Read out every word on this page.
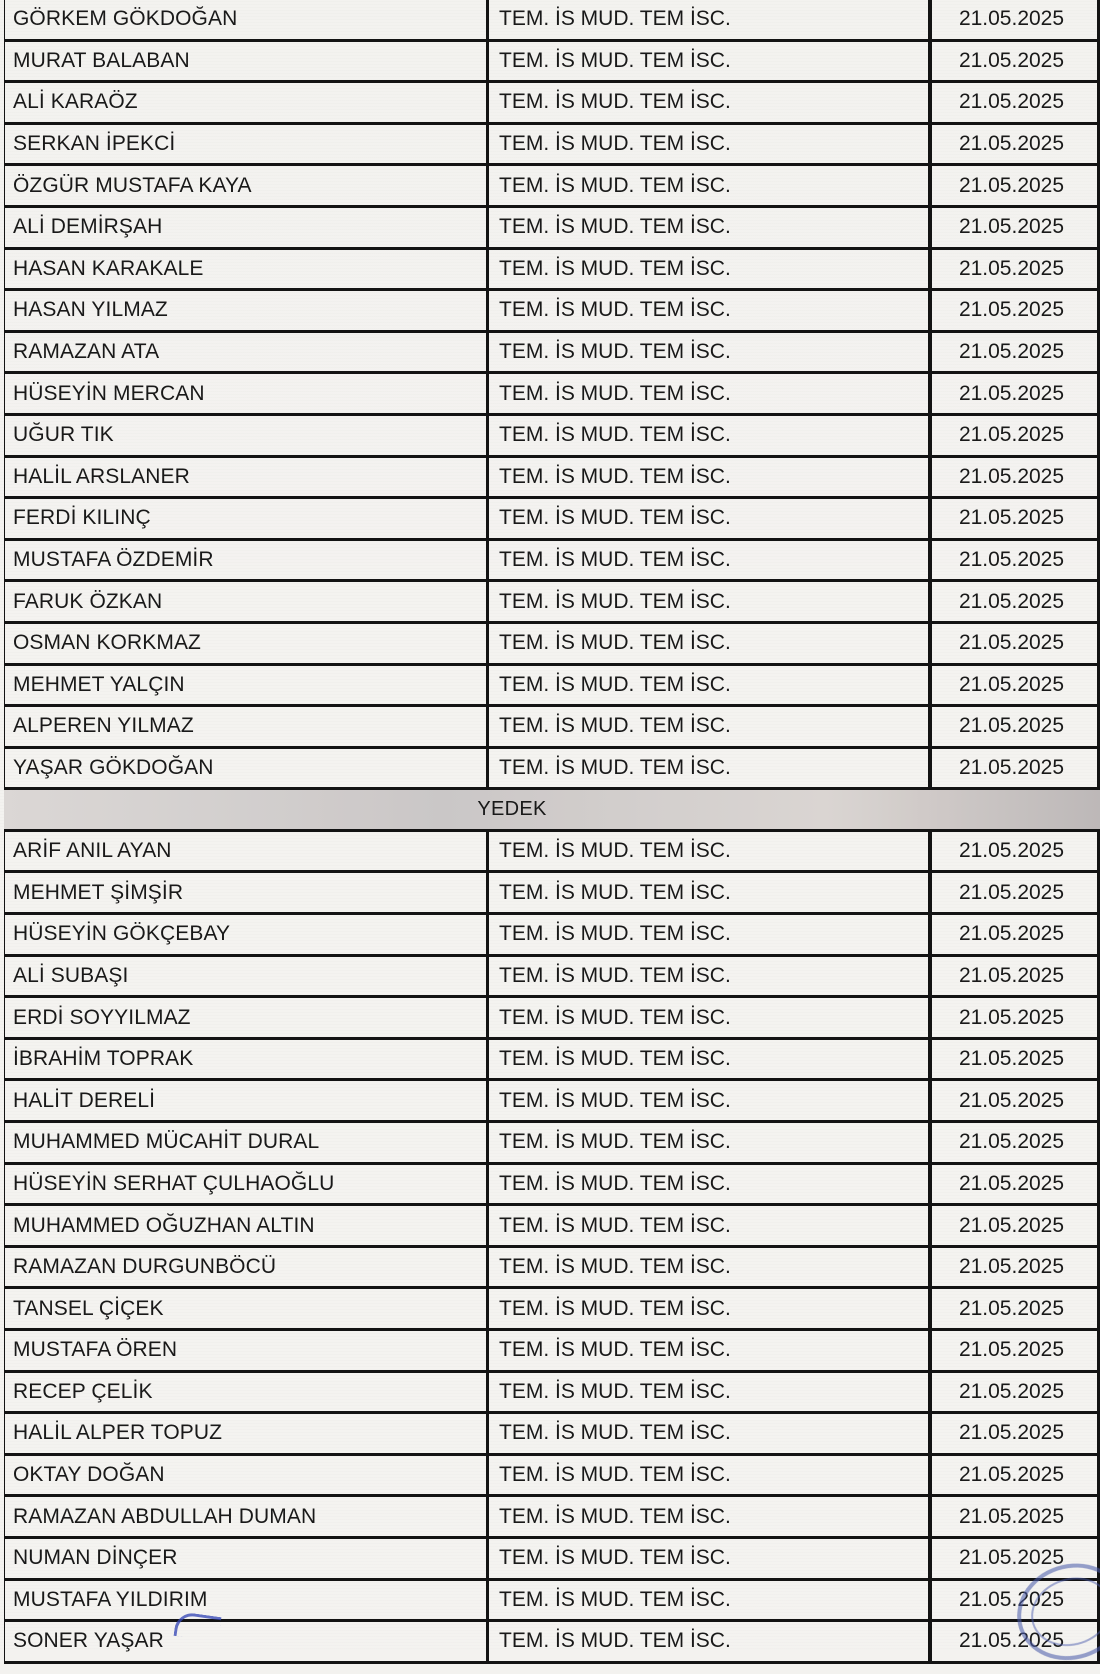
GÖRKEM GÖKDOĞAN	TEM. İS MUD. TEM İSC.	21.05.2025
MURAT BALABAN	TEM. İS MUD. TEM İSC.	21.05.2025
ALİ KARAÖZ	TEM. İS MUD. TEM İSC.	21.05.2025
SERKAN İPEKCİ	TEM. İS MUD. TEM İSC.	21.05.2025
ÖZGÜR MUSTAFA KAYA	TEM. İS MUD. TEM İSC.	21.05.2025
ALİ DEMİRŞAH	TEM. İS MUD. TEM İSC.	21.05.2025
HASAN KARAKALE	TEM. İS MUD. TEM İSC.	21.05.2025
HASAN YILMAZ	TEM. İS MUD. TEM İSC.	21.05.2025
RAMAZAN ATA	TEM. İS MUD. TEM İSC.	21.05.2025
HÜSEYİN MERCAN	TEM. İS MUD. TEM İSC.	21.05.2025
UĞUR TIK	TEM. İS MUD. TEM İSC.	21.05.2025
HALİL ARSLANER	TEM. İS MUD. TEM İSC.	21.05.2025
FERDİ KILINÇ	TEM. İS MUD. TEM İSC.	21.05.2025
MUSTAFA ÖZDEMİR	TEM. İS MUD. TEM İSC.	21.05.2025
FARUK ÖZKAN	TEM. İS MUD. TEM İSC.	21.05.2025
OSMAN KORKMAZ	TEM. İS MUD. TEM İSC.	21.05.2025
MEHMET YALÇIN	TEM. İS MUD. TEM İSC.	21.05.2025
ALPEREN YILMAZ	TEM. İS MUD. TEM İSC.	21.05.2025
YAŞAR GÖKDOĞAN	TEM. İS MUD. TEM İSC.	21.05.2025
YEDEK
ARİF ANIL AYAN	TEM. İS MUD. TEM İSC.	21.05.2025
MEHMET ŞİMŞİR	TEM. İS MUD. TEM İSC.	21.05.2025
HÜSEYİN GÖKÇEBAY	TEM. İS MUD. TEM İSC.	21.05.2025
ALİ SUBAŞI	TEM. İS MUD. TEM İSC.	21.05.2025
ERDİ SOYYILMAZ	TEM. İS MUD. TEM İSC.	21.05.2025
İBRAHİM TOPRAK	TEM. İS MUD. TEM İSC.	21.05.2025
HALİT DERELİ	TEM. İS MUD. TEM İSC.	21.05.2025
MUHAMMED MÜCAHİT DURAL	TEM. İS MUD. TEM İSC.	21.05.2025
HÜSEYİN SERHAT ÇULHAOĞLU	TEM. İS MUD. TEM İSC.	21.05.2025
MUHAMMED OĞUZHAN ALTIN	TEM. İS MUD. TEM İSC.	21.05.2025
RAMAZAN DURGUNBÖCÜ	TEM. İS MUD. TEM İSC.	21.05.2025
TANSEL ÇİÇEK	TEM. İS MUD. TEM İSC.	21.05.2025
MUSTAFA ÖREN	TEM. İS MUD. TEM İSC.	21.05.2025
RECEP ÇELİK	TEM. İS MUD. TEM İSC.	21.05.2025
HALİL ALPER TOPUZ	TEM. İS MUD. TEM İSC.	21.05.2025
OKTAY DOĞAN	TEM. İS MUD. TEM İSC.	21.05.2025
RAMAZAN ABDULLAH DUMAN	TEM. İS MUD. TEM İSC.	21.05.2025
NUMAN DİNÇER	TEM. İS MUD. TEM İSC.	21.05.2025
MUSTAFA YILDIRIM	TEM. İS MUD. TEM İSC.	21.05.2025
SONER YAŞAR	TEM. İS MUD. TEM İSC.	21.05.2025
